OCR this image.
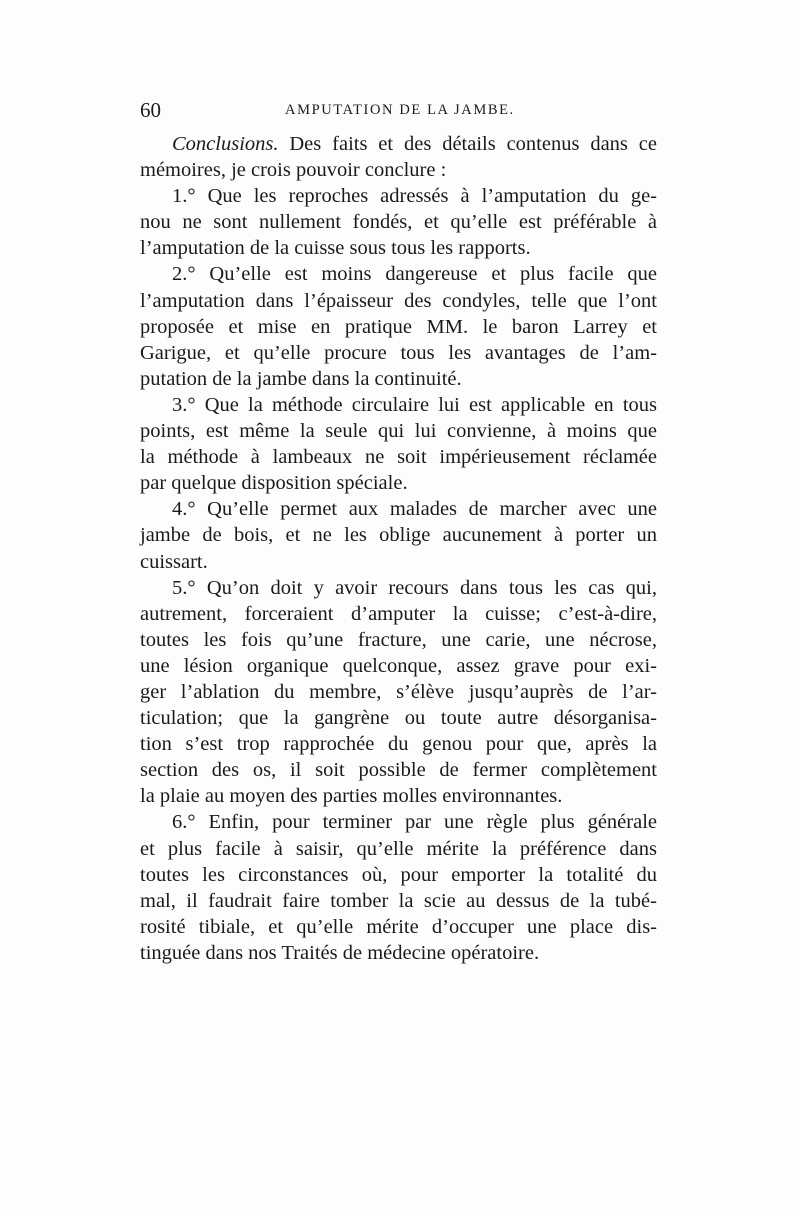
60	AMPUTATION DE LA JAMBE.
Conclusions. Des faits et des détails contenus dans ce
mémoires, je crois pouvoir conclure :
1.° Que les reproches adressés à l’amputation du ge-
nou ne sont nullement fondés, et qu’elle est préférable à
l’amputation de la cuisse sous tous les rapports.
2.° Qu’elle est moins dangereuse et plus facile que
l’amputation dans l’épaisseur des condyles, telle que l’ont
proposée et mise en pratique MM. le baron Larrey et
Garigue, et qu’elle procure tous les avantages de l’am-
putation de la jambe dans la continuité.
3.° Que la méthode circulaire lui est applicable en tous
points, est même la seule qui lui convienne, à moins que
la méthode à lambeaux ne soit impérieusement réclamée
par quelque disposition spéciale.
4.° Qu’elle permet aux malades de marcher avec une
jambe de bois, et ne les oblige aucunement à porter un
cuissart.
5.° Qu’on doit y avoir recours dans tous les cas qui,
autrement, forceraient d’amputer la cuisse; c’est-à-dire,
toutes les fois qu’une fracture, une carie, une nécrose,
une lésion organique quelconque, assez grave pour exi-
ger l’ablation du membre, s’élève jusqu’auprès de l’ar-
ticulation; que la gangrène ou toute autre désorganisa-
tion s’est trop rapprochée du genou pour que, après la
section des os, il soit possible de fermer complètement
la plaie au moyen des parties molles environnantes.
6.° Enfin, pour terminer par une règle plus générale
et plus facile à saisir, qu’elle mérite la préférence dans
toutes les circonstances où, pour emporter la totalité du
mal, il faudrait faire tomber la scie au dessus de la tubé-
rosité tibiale, et qu’elle mérite d’occuper une place dis-
tinguée dans nos Traités de médecine opératoire.
